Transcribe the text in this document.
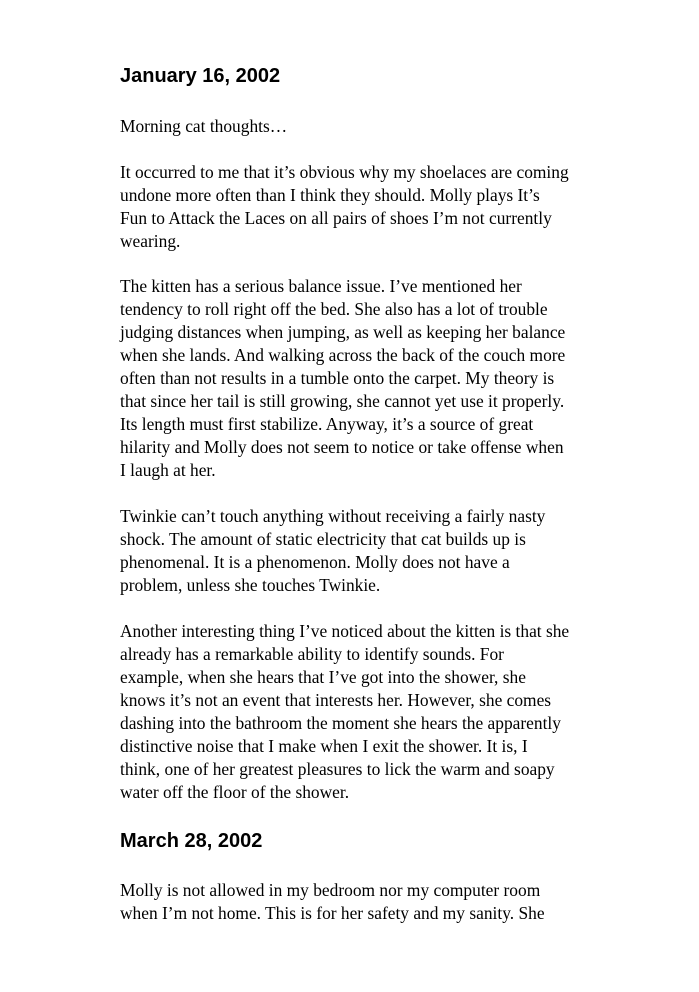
January 16, 2002

Morning cat thoughts…

It occurred to me that it’s obvious why my shoelaces are coming
undone more often than I think they should. Molly plays It’s
Fun to Attack the Laces on all pairs of shoes I’m not currently
wearing.

The kitten has a serious balance issue. I’ve mentioned her
tendency to roll right off the bed. She also has a lot of trouble
judging distances when jumping, as well as keeping her balance
when she lands. And walking across the back of the couch more
often than not results in a tumble onto the carpet. My theory is
that since her tail is still growing, she cannot yet use it properly.
Its length must first stabilize. Anyway, it’s a source of great
hilarity and Molly does not seem to notice or take offense when
I laugh at her.

Twinkie can’t touch anything without receiving a fairly nasty
shock. The amount of static electricity that cat builds up is
phenomenal. It is a phenomenon. Molly does not have a
problem, unless she touches Twinkie.

Another interesting thing I’ve noticed about the kitten is that she
already has a remarkable ability to identify sounds. For
example, when she hears that I’ve got into the shower, she
knows it’s not an event that interests her. However, she comes
dashing into the bathroom the moment she hears the apparently
distinctive noise that I make when I exit the shower. It is, I
think, one of her greatest pleasures to lick the warm and soapy
water off the floor of the shower.

March 28, 2002

Molly is not allowed in my bedroom nor my computer room
when I’m not home. This is for her safety and my sanity. She
